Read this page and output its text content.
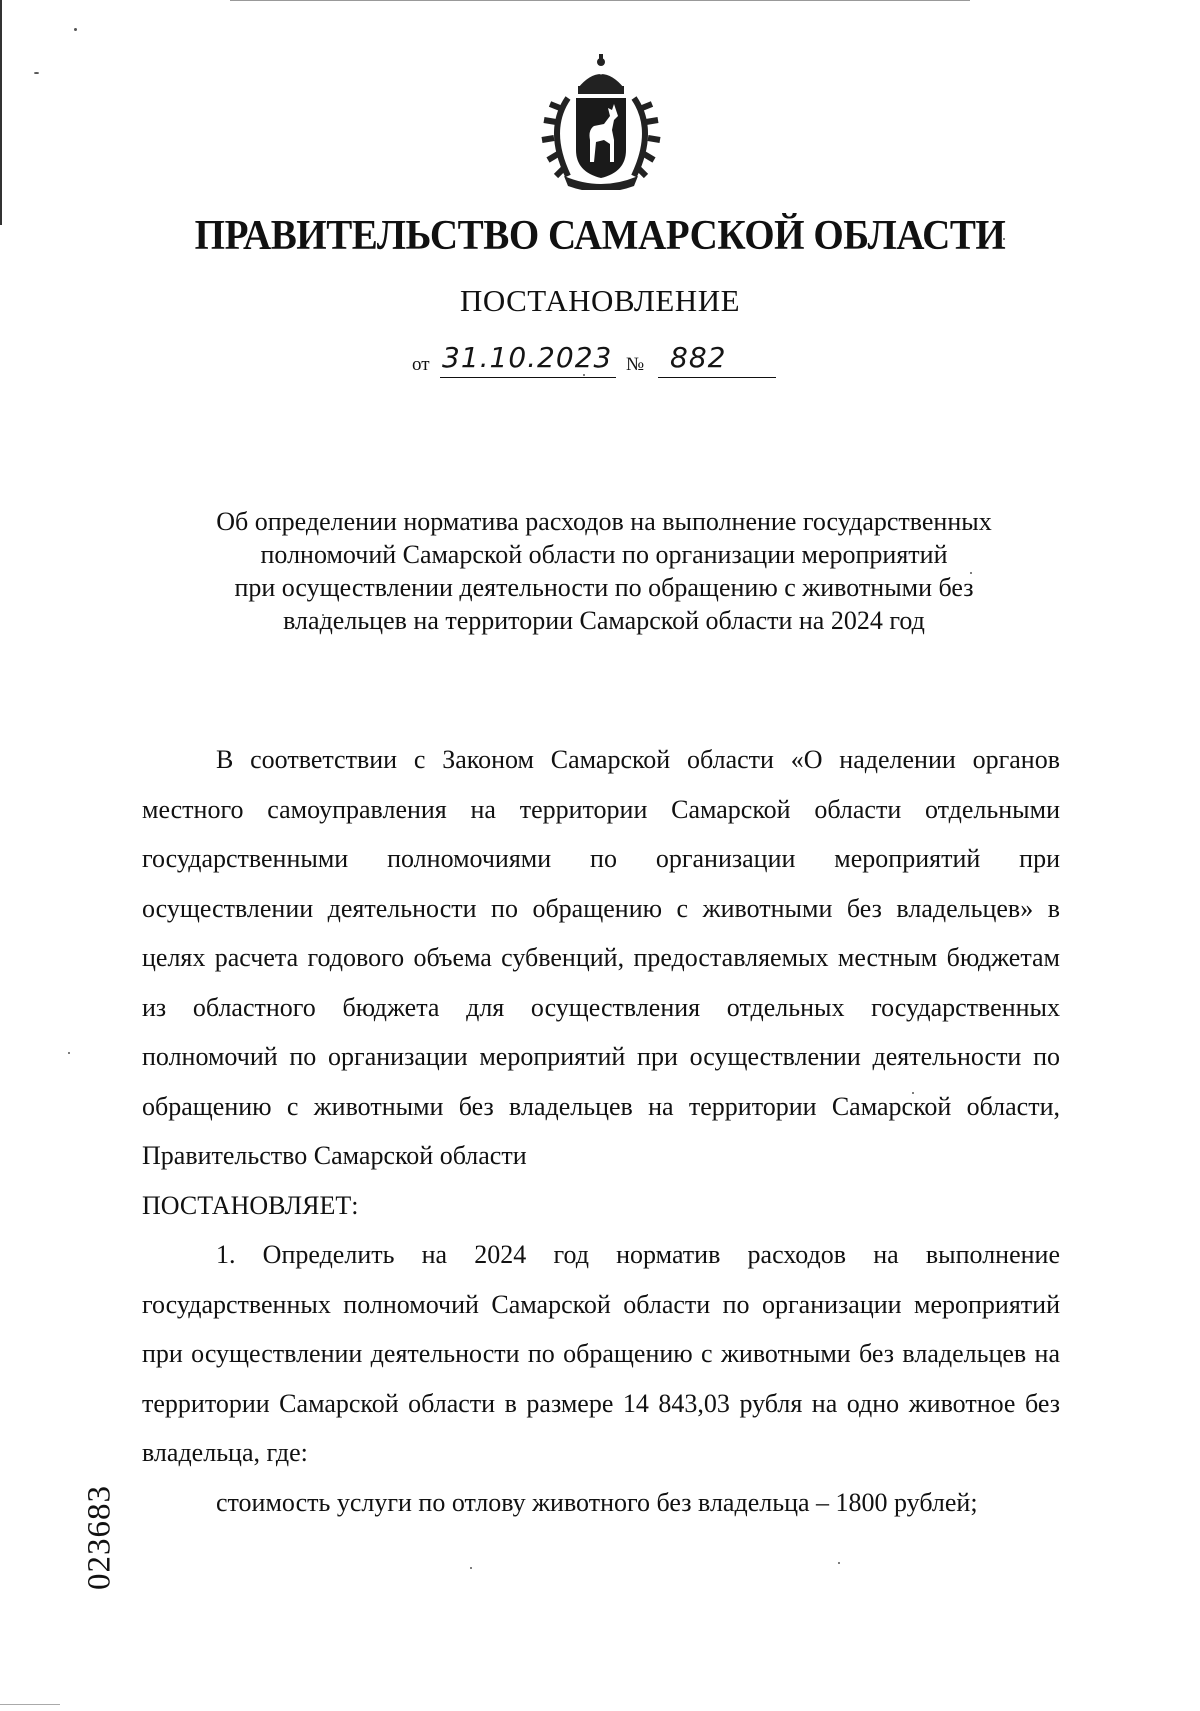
ПРАВИТЕЛЬСТВО САМАРСКОЙ ОБЛАСТИ
ПОСТАНОВЛЕНИЕ
от 31.10.2023 № 882
Об определении норматива расходов на выполнение государственных
полномочий Самарской области по организации мероприятий
при осуществлении деятельности по обращению с животными без
владельцев на территории Самарской области на 2024 год

В соответствии с Законом Самарской области «О наделении органов местного самоуправления на территории Самарской области отдельными государственными полномочиями по организации мероприятий при осуществлении деятельности по обращению с животными без владельцев» в целях расчета годового объема субвенций, предоставляемых местным бюджетам из областного бюджета для осуществления отдельных государственных полномочий по организации мероприятий при осуществлении деятельности по обращению с животными без владельцев на территории Самарской области, Правительство Самарской области

ПОСТАНОВЛЯЕТ:

1. Определить на 2024 год норматив расходов на выполнение государственных полномочий Самарской области по организации мероприятий при осуществлении деятельности по обращению с животными без владельцев на территории Самарской области в размере 14 843,03 рубля на одно животное без владельца, где:

стоимость услуги по отлову животного без владельца – 1800 рублей;

023683
